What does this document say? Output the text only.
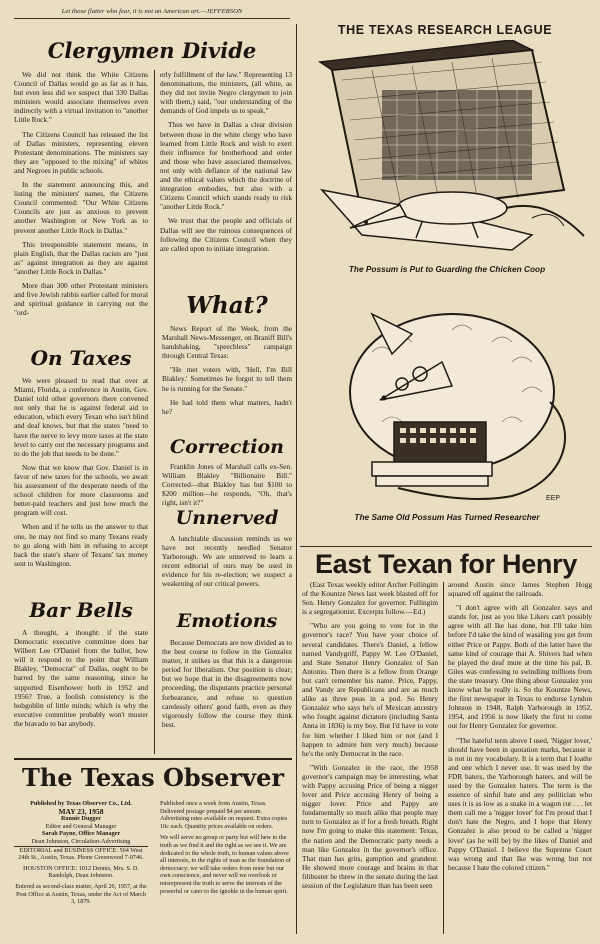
Let those flatter who fear, it is not an American art.—JEFFERSON
Clergymen Divide

We did not think the White Citizens Council of Dallas would go as far as it has, but even less did we suspect that 330 Dallas ministers would associate themselves even indirectly with a virtual invitation to "another Little Rock."

The Citizens Council has released the list of Dallas ministers, representing eleven Protestant denominations. The ministers say they are "opposed to the mixing" of whites and Negroes in public schools.

In the statement announcing this, and listing the ministers' names, the Citizens Council commented: "Our White Citizens Councils are just as anxious to prevent another Washington or New York as to prevent another Little Rock in Dallas."

This irresponsible statement means, in plain English, that the Dallas racists are "just as" against integration as they are against "another Little Rock in Dallas."

More than 300 other Protestant ministers and five Jewish rabbis earlier called for moral and spiritual guidance in carrying out the "ord-

erly fulfillment of the law." Representing 13 denominations, the ministers, (all white, as they did not invite Negro clergymen to join with them,) said, "our understanding of the demands of God impels us to speak."

Thus we have in Dallas a clear division between those in the white clergy who have learned from Little Rock and wish to exert their influence for brotherhood and order and those who have associated themselves, not only with defiance of the national law and the ethical values which the doctrine of integration embodies, but also with a Citizens Council which stands ready to risk "another Little Rock."

We trust that the people and officials of Dallas will see the ruinous consequences of following the Citizens Council when they are called upon to initiate integration.

On Taxes

We were pleased to read that over at Miami, Florida, a conference in Austin, Gov. Daniel told other governors there convened not only that he is against federal aid to education, which every Texan who isn't blind and deaf knows, but that the states "need to have the nerve to levy more taxes at the state level to carry out the necessary programs and to do the job that needs to be done."

Now that we know that Gov. Daniel is in favor of new taxes for the schools, we await his assessment of the desperate needs of the school children for more classrooms and better-paid teachers and just how much the program will cost.

When and if he tells us the answer to that one, he may not find so many Texans ready to go along with him in refusing to accept back the state's share of Texans' tax money sent to Washington.

Bar Bells

A thought, a thought: if the state Democratic executive committee does bar Wilbert Lee O'Daniel from the ballot, how will it respond to the point that William Blakley, "Democrat" of Dallas, ought to be barred by the same reasoning, since he supported Eisenhower both in 1952 and 1956? True, a foolish consistency is the hobgoblin of little minds; which is why the executive committee probably won't muster the bravado to bar anybody.

What?

News Report of the Week, from the Marshall News-Messenger, on Braniff Bill's handshaking, "speechless" campaign through Central Texas:

"He met voters with, 'Hell, I'm Bill Blakley.' Sometimes he forgot to tell them he is running for the Senate."

He had told them what matters, hadn't he?

Correction

Franklin Jones of Marshall calls ex-Sen. William Blakley "Billionaire Bill." Corrected—that Blakley has but $100 to $200 million—he responds, "Oh, that's right, isn't it?"

Unnerved

A lunchtable discussion reminds us we have not recently needled Senator Yarborough. We are unnerved to learn a recent editorial of ours may be used in evidence for his re-election; we suspect a weakening of our critical powers.

Emotions

Because Democrats are now divided as to the best course to follow in the Gonzalez matter, it strikes us that this is a dangerous period for liberalism. Our position is clear; but we hope that in the disagreements now proceeding, the disputants practice personal forbearance, and refuse to question carelessly others' good faith, even as they vigorously follow the course they think best.

THE TEXAS RESEARCH LEAGUE
The Possum is Put to Guarding the Chicken Coop
EEP
The Same Old Possum Has Turned Researcher
East Texan for Henry

(East Texas weekly editor Archer Fullingim of the Kountze News last week blasted off for Sen. Henry Gonzalez for governor. Fullingim is a segregationist. Excerpts follow.—Ed.)

"Who are you going to vote for in the governor's race? You have your choice of several candidates. There's Daniel, a fellow named Vandygriff, Pappy W. Lee O'Daniel, and State Senator Henry Gonzalez of San Antonio. Then there is a fellow from Orange but can't remember his name. Price, Pappy, and Vandy are Republicans and are as much alike as three peas in a pod. So Henry Gonzalez who says he's of Mexican ancestry who fought against dictators (including Santa Anna in 1836) is my boy. But I'd have to vote for him whether I liked him or not (and I happen to admire him very much) because he's the only Democrat in the race.

"With Gonzalez in the race, the 1958 governor's campaign may be interesting, what with Pappy accusing Price of being a nigger lover and Price accusing Henry of being a nigger lover. Price and Pappy are fundamentally so much alike that people may turn to Gonzalez as if for a fresh breath. Right now I'm going to make this statement: Texas, the nation and the Democratic party needs a man like Gonzalez in the governor's office. That man has grits, gumption and grandeur. He showed more courage and brains in that filibuster he threw in the senate during the last session of the Legislature than has been seen

around Austin since James Stephen Hogg squared off against the railroads.

"I don't agree with all Gonzalez says and stands for, just as you like Likers can't possibly agree with all Ike has done, but I'll take him before I'd take the kind of wasaling you get from either Price or Pappy. Both of the latter have the same kind of courage that A. Shivers had when he played the deaf mute at the time his pal, B. Giles was confessing to swindling millions from the state treasury. One thing about Gonzalez you know what he really is. So the Kountze News, the first newspaper in Texas to endorse Lyndon Johnson in 1948, Ralph Yarborough in 1952, 1954, and 1956 is now likely the first to come out for Henry Gonzalez for governor.

"The hateful term above I used, 'Nigger lover,' should have been in quotation marks, because it is not in my vocabulary. It is a term that I loathe and one which I never use. It was used by the FDR haters, the Yarborough haters, and will be used by the Gonzalez haters. The term is the essence of sinful hate and any politician who uses it is as low as a snake in a wagon rut . . . let them call me a 'nigger lover' for I'm proud that I don't hate the Negro, and I hope that Henry Gonzalez is also proud to be called a 'nigger lover' (as he will be) by the likes of Daniel and Pappy O'Daniel. I believe the Supreme Court was wrong and that Ike was wrong but not because I hate the colored citizen."

The Texas Observer
Published by Texas Observer Co., Ltd.
MAY 23, 1958
Ronnie Dugger
Editor and General Manager
Sarah Payne, Office Manager
Dean Johnston, Circulation-Advertising
EDITORIAL and BUSINESS OFFICE: 504 West 24th St., Austin, Texas. Phone Greenwood 7-0746.
HOUSTON OFFICE: 1012 Dennis, Mrs. S. D. Randolph, Dean Johnston.
Entered as second-class matter, April 26, 1957, at the Post Office at Austin, Texas, under the Act of March 3, 1879.
Published once a week from Austin, Texas. Delivered postage prepaid $4 per annum. Advertising rates available on request. Extra copies 10c each. Quantity prices available on orders.
We will serve no group or party but will hew to the truth as we find it and the right as we see it. We are dedicated to the whole truth, to human values above all interests, to the rights of man as the foundation of democracy; we will take orders from none but our own conscience, and never will we overlook or misrepresent the truth to serve the interests of the powerful or cater to the ignoble in the human spirit.
